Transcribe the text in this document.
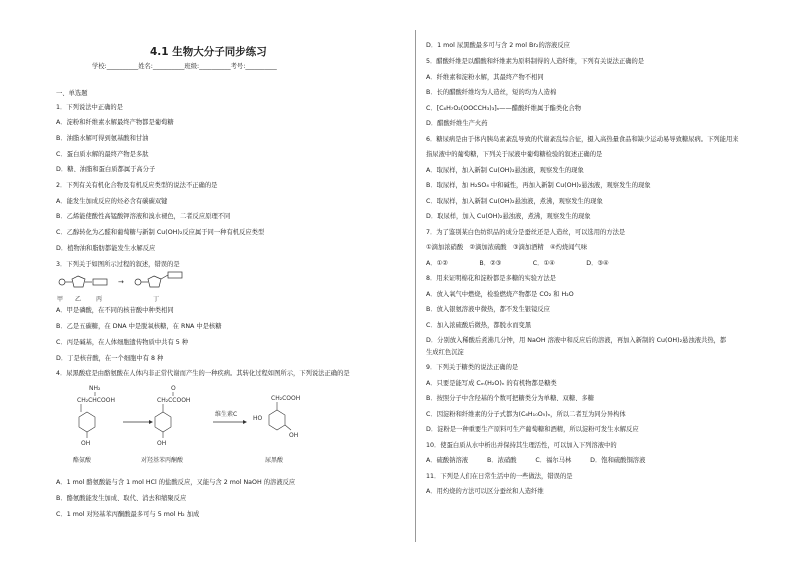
4.1 生物大分子同步练习
学校:__________姓名:__________班级:__________考号:__________
一、单选题
1．下列说法中正确的是
A．淀粉和纤维素水解最终产物都是葡萄糖
B．油脂水解可得到氨基酸和甘油
C．蛋白质水解的最终产物是多肽
D．糖、油脂和蛋白质都属于高分子
2．下列有关有机化合物及有机反应类型的说法不正确的是
A．能发生加成反应的烃必含有碳碳双键
B．乙烯能使酸性高锰酸钾溶液和溴水褪色，二者反应原理不同
C．乙醇转化为乙醛和葡萄糖与新制 Cu(OH)₂反应属于同一种有机反应类型
D．植物油和脂肪都能发生水解反应
3．下列关于如图所示过程的叙述，错误的是
→
甲 乙 丙	丁
A．甲是磷酸，在不同的核苷酸中种类相同
B．乙是五碳糖，在 DNA 中是脱氧核糖，在 RNA 中是核糖
C．丙是碱基，在人体细胞遗传物质中共有 5 种
D．丁是核苷酸，在一个细胞中有 8 种
4．尿黑酸症是由酪氨酸在人体内非正常代谢而产生的一种疾病。其转化过程如图所示，下列说法正确的是
NH₂
CH₂CHCOOH
OH
酪氨酸
O
CH₂CCOOH
OH
对羟基苯丙酮酸
维生素C
CH₂COOH
HO
OH
尿黑酸
A．1 mol 酪氨酸能与含 1 mol HCl 的盐酸反应，又能与含 2 mol NaOH 的溶液反应
B．酪氨酸能发生加成、取代、消去和缩聚反应
C．1 mol 对羟基苯丙酮酸最多可与 5 mol H₂ 加成
D．1 mol 尿黑酸最多可与含 2 mol Br₂的溶液反应
5．醋酸纤维是以醋酸和纤维素为原料制得的人造纤维，下列有关说法正确的是
A．纤维素和淀粉水解，其最终产物不相同
B．长的醋酸纤维均为人造丝，短的均为人造棉
C．[C₆H₇O₂(OOCCH₃)₃]ₙ——醋酸纤维属于酯类化合物
D．醋酸纤维生产火药
6．糖尿病是由于体内胰岛素紊乱导致的代谢紊乱综合征，摄入高热量食品和缺少运动易导致糖尿病。下列能用来
指尿液中的葡萄糖，下列关于尿液中葡萄糖检验的叙述正确的是
A．取尿样，加入新制 Cu(OH)₂悬浊液，观察发生的现象
B．取尿样，加 H₂SO₄ 中和碱性，再加入新制 Cu(OH)₂悬浊液，观察发生的现象
C．取尿样，加入新制 Cu(OH)₂悬浊液，煮沸，观察发生的现象
D．取尿样，加入 Cu(OH)₂悬浊液，煮沸，观察发生的现象
7．为了鉴别某白色纺织品的成分是蚕丝还是人造丝，可以选用的方法是
①滴加浓硝酸　②滴加浓硫酸　③滴加酒精　④灼烧闻气味
A．①②　　　　　B．②③　　　　　C．①④　　　　　D．③④
8．用来证明棉花和淀粉都是多糖的实验方法是
A．放入氧气中燃烧，检验燃烧产物都是 CO₂ 和 H₂O
B．放入银氨溶液中微热，都不发生银镜反应
C．加入浓硫酸后微热，都脱水而变黑
D．分别放入稀酸后煮沸几分钟，用 NaOH 溶液中和反应后的溶液，再加入新制的 Cu(OH)₂悬浊液共热，都
生成红色沉淀
9．下列关于糖类的说法正确的是
A．只要是能写成 Cₘ(H₂O)ₙ 的有机物都是糖类
B．按照分子中含羟基的个数可把糖类分为单糖、双糖、多糖
C．因淀粉和纤维素的分子式都为(C₆H₁₀O₅)ₙ，所以二者互为同分异构体
D．淀粉是一种重要生产原料可生产葡萄糖和酒精，所以淀粉可发生水解反应
10．使蛋白质从水中析出并保持其生理活性，可以加入下列溶液中的
A．硫酸钠溶液　　　B．浓硝酸　　　C．福尔马林　　　D．饱和硫酸铜溶液
11．下列是人们在日常生活中的一些做法，错误的是
A．用灼烧的方法可以区分蚕丝和人造纤维
